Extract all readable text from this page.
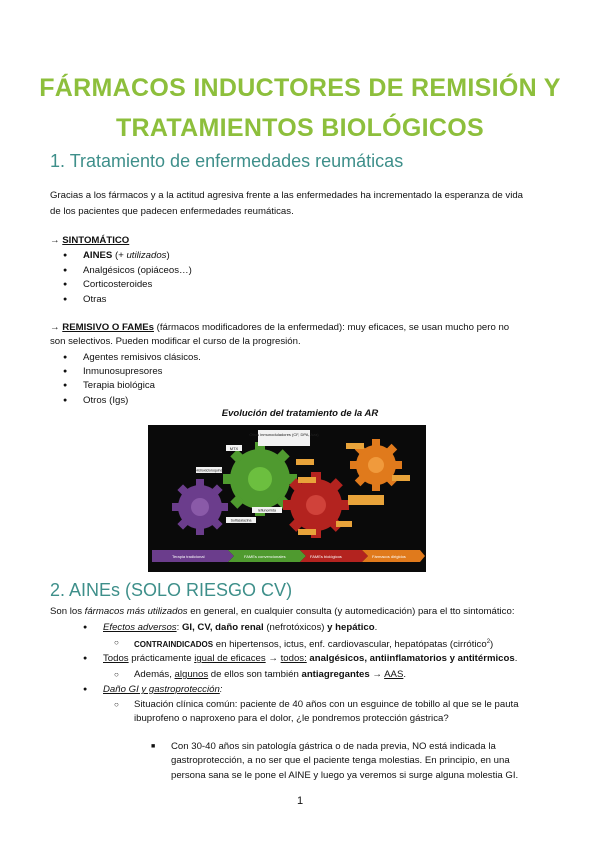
FÁRMACOS INDUCTORES DE REMISIÓN Y
TRATAMIENTOS BIOLÓGICOS
1. Tratamiento de enfermedades reumáticas
Gracias a los fármacos y a la actitud agresiva frente a las enfermedades ha incrementado la esperanza de vida
de los pacientes que padecen enfermedades reumáticas.
→ SINTOMÁTICO
● AINES (+ utilizados)
● Analgésicos (opiáceos…)
● Corticosteroides
● Otras
→ REMISIVO O FAMEs (fármacos modificadores de la enfermedad): muy eficaces, se usan mucho pero no
son selectivos. Pueden modificar el curso de la progresión.
● Agentes remisivos clásicos.
● Inmunosupresores
● Terapia biológica
● Otros (Igs)
Evolución del tratamiento de la AR
Otros inmunoduladores (CF, DPA, Aza)
MTX
Hidroxicloroquina
leflunomida
Sulfasalazina
Terapia tradicional	FAMEs convencionales	FAMEs biológicos	Fármacos dirigidos
2. AINEs (SOLO RIESGO CV)
Son los fármacos más utilizados en general, en cualquier consulta (y automedicación) para el tto sintomático:
● Efectos adversos: GI, CV, daño renal (nefrotóxicos) y hepático.
○ CONTRAINDICADOS en hipertensos, ictus, enf. cardiovascular, hepatópatas (cirrótico$^2$)
● Todos prácticamente igual de eficaces → todos: analgésicos, antiinflamatorios y antitérmicos.
○ Además, algunos de ellos son también antiagregantes → AAS.
● Daño GI y gastroprotección:
○ Situación clínica común: paciente de 40 años con un esguince de tobillo al que se le pauta
ibuprofeno o naproxeno para el dolor, ¿le pondremos protección gástrica?
■ Con 30-40 años sin patología gástrica o de nada previa, NO está indicada la
gastroprotección, a no ser que el paciente tenga molestias. En principio, en una
persona sana se le pone el AINE y luego ya veremos si surge alguna molestia GI.
1
